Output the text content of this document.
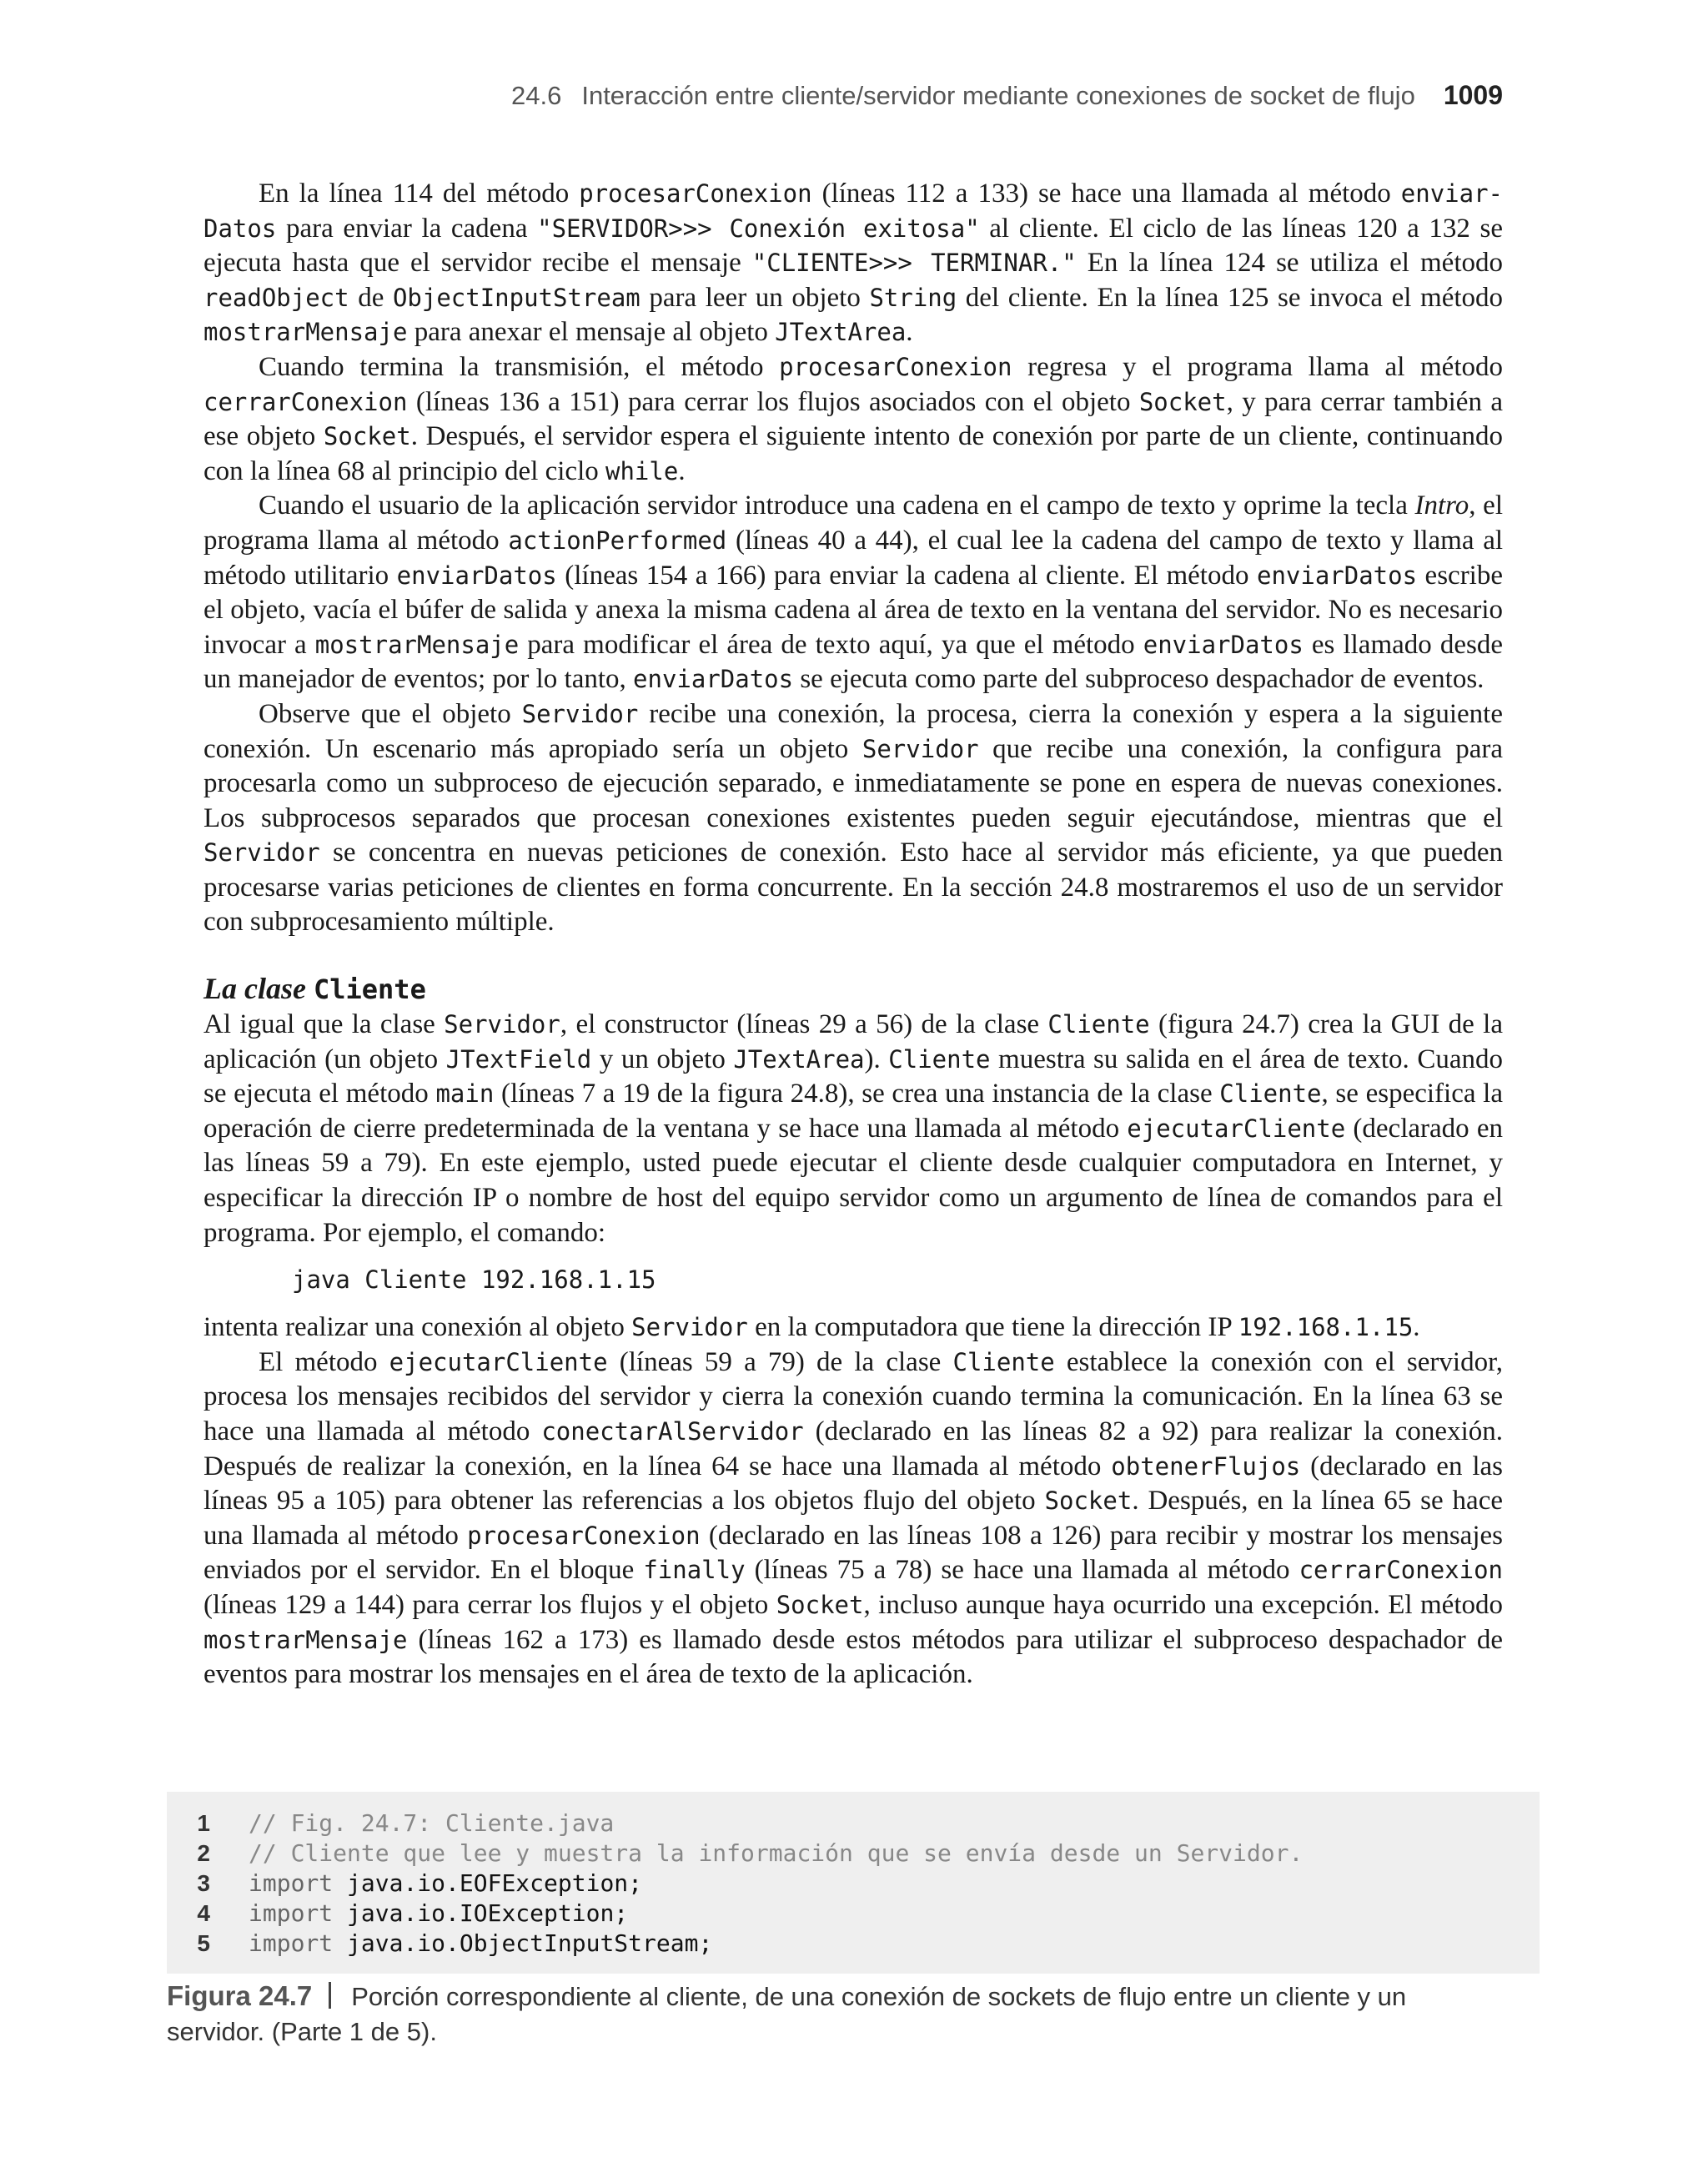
24.6 Interacción entre cliente/servidor mediante conexiones de socket de flujo 1009

En la línea 114 del método procesarConexion (líneas 112 a 133) se hace una llamada al método enviar-Datos para enviar la cadena "SERVIDOR>>> Conexión exitosa" al cliente. El ciclo de las líneas 120 a 132 se ejecuta hasta que el servidor recibe el mensaje "CLIENTE>>> TERMINAR." En la línea 124 se utiliza el método readObject de ObjectInputStream para leer un objeto String del cliente. En la línea 125 se invoca el método mostrarMensaje para anexar el mensaje al objeto JTextArea.

Cuando termina la transmisión, el método procesarConexion regresa y el programa llama al método cerrarConexion (líneas 136 a 151) para cerrar los flujos asociados con el objeto Socket, y para cerrar también a ese objeto Socket. Después, el servidor espera el siguiente intento de conexión por parte de un cliente, continuando con la línea 68 al principio del ciclo while.

Cuando el usuario de la aplicación servidor introduce una cadena en el campo de texto y oprime la tecla Intro, el programa llama al método actionPerformed (líneas 40 a 44), el cual lee la cadena del campo de texto y llama al método utilitario enviarDatos (líneas 154 a 166) para enviar la cadena al cliente. El método enviarDatos escribe el objeto, vacía el búfer de salida y anexa la misma cadena al área de texto en la ventana del servidor. No es necesario invocar a mostrarMensaje para modificar el área de texto aquí, ya que el método enviarDatos es llamado desde un manejador de eventos; por lo tanto, enviarDatos se ejecuta como parte del subproceso despachador de eventos.

Observe que el objeto Servidor recibe una conexión, la procesa, cierra la conexión y espera a la siguiente conexión. Un escenario más apropiado sería un objeto Servidor que recibe una conexión, la configura para procesarla como un subproceso de ejecución separado, e inmediatamente se pone en espera de nuevas conexiones. Los subprocesos separados que procesan conexiones existentes pueden seguir ejecutándose, mientras que el Servidor se concentra en nuevas peticiones de conexión. Esto hace al servidor más eficiente, ya que pueden procesarse varias peticiones de clientes en forma concurrente. En la sección 24.8 mostraremos el uso de un servidor con subprocesamiento múltiple.

La clase Cliente

Al igual que la clase Servidor, el constructor (líneas 29 a 56) de la clase Cliente (figura 24.7) crea la GUI de la aplicación (un objeto JTextField y un objeto JTextArea). Cliente muestra su salida en el área de texto. Cuando se ejecuta el método main (líneas 7 a 19 de la figura 24.8), se crea una instancia de la clase Cliente, se especifica la operación de cierre predeterminada de la ventana y se hace una llamada al método ejecutarCliente (declarado en las líneas 59 a 79). En este ejemplo, usted puede ejecutar el cliente desde cualquier computadora en Internet, y especificar la dirección IP o nombre de host del equipo servidor como un argumento de línea de comandos para el programa. Por ejemplo, el comando:

java Cliente 192.168.1.15

intenta realizar una conexión al objeto Servidor en la computadora que tiene la dirección IP 192.168.1.15.

El método ejecutarCliente (líneas 59 a 79) de la clase Cliente establece la conexión con el servidor, procesa los mensajes recibidos del servidor y cierra la conexión cuando termina la comunicación. En la línea 63 se hace una llamada al método conectarAlServidor (declarado en las líneas 82 a 92) para realizar la conexión. Después de realizar la conexión, en la línea 64 se hace una llamada al método obtenerFlujos (declarado en las líneas 95 a 105) para obtener las referencias a los objetos flujo del objeto Socket. Después, en la línea 65 se hace una llamada al método procesarConexion (declarado en las líneas 108 a 126) para recibir y mostrar los mensajes enviados por el servidor. En el bloque finally (líneas 75 a 78) se hace una llamada al método cerrarConexion (líneas 129 a 144) para cerrar los flujos y el objeto Socket, incluso aunque haya ocurrido una excepción. El método mostrarMensaje (líneas 162 a 173) es llamado desde estos métodos para utilizar el subproceso despachador de eventos para mostrar los mensajes en el área de texto de la aplicación.

1 // Fig. 24.7: Cliente.java
2 // Cliente que lee y muestra la información que se envía desde un Servidor.
3 import java.io.EOFException;
4 import java.io.IOException;
5 import java.io.ObjectInputStream;
Figura 24.7 Porción correspondiente al cliente, de una conexión de sockets de flujo entre un cliente y un servidor. (Parte 1 de 5).
